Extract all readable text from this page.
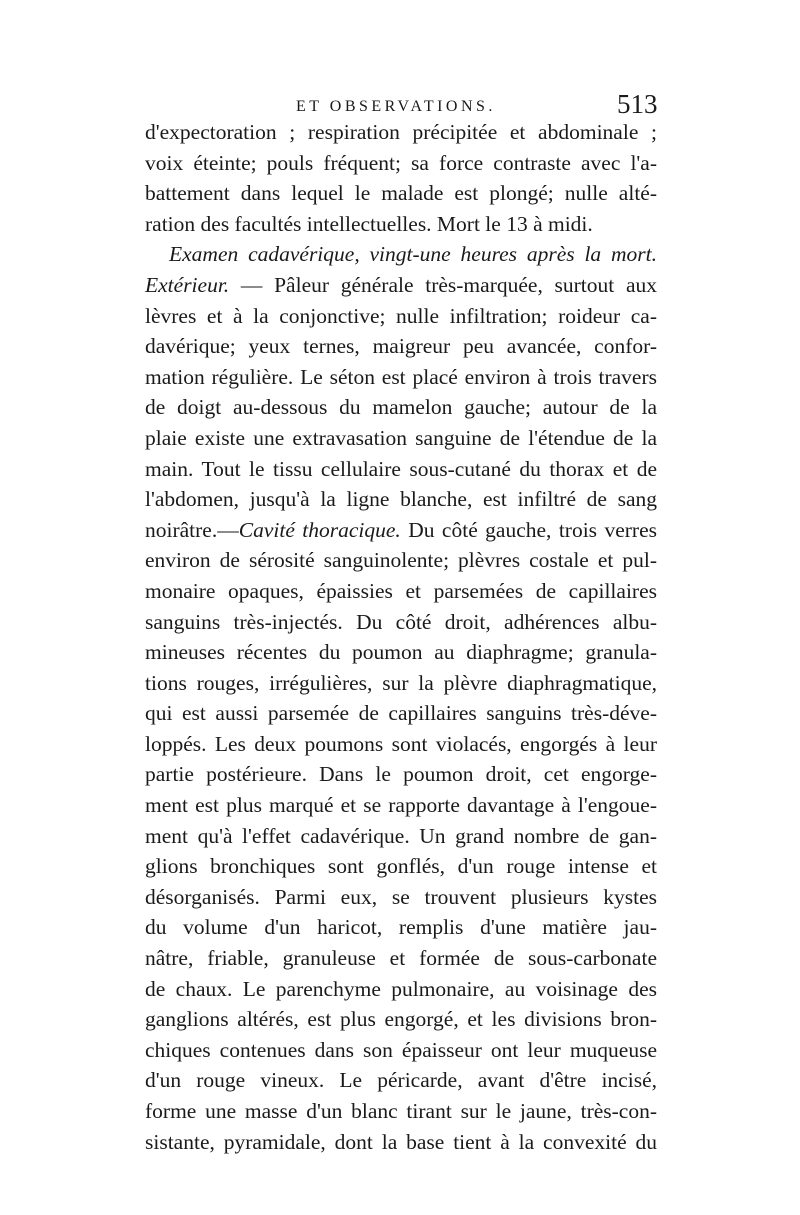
ET OBSERVATIONS.	513
d'expectoration ; respiration précipitée et abdominale ;
voix éteinte; pouls fréquent; sa force contraste avec l'a-
battement dans lequel le malade est plongé; nulle alté-
ration des facultés intellectuelles. Mort le 13 à midi.
Examen cadavérique, vingt-une heures après la mort.
Extérieur. — Pâleur générale très-marquée, surtout aux
lèvres et à la conjonctive; nulle infiltration; roideur ca-
davérique; yeux ternes, maigreur peu avancée, confor-
mation régulière. Le séton est placé environ à trois travers
de doigt au-dessous du mamelon gauche; autour de la
plaie existe une extravasation sanguine de l'étendue de la
main. Tout le tissu cellulaire sous-cutané du thorax et de
l'abdomen, jusqu'à la ligne blanche, est infiltré de sang
noirâtre.—Cavité thoracique. Du côté gauche, trois verres
environ de sérosité sanguinolente; plèvres costale et pul-
monaire opaques, épaissies et parsemées de capillaires
sanguins très-injectés. Du côté droit, adhérences albu-
mineuses récentes du poumon au diaphragme; granula-
tions rouges, irrégulières, sur la plèvre diaphragmatique,
qui est aussi parsemée de capillaires sanguins très-déve-
loppés. Les deux poumons sont violacés, engorgés à leur
partie postérieure. Dans le poumon droit, cet engorge-
ment est plus marqué et se rapporte davantage à l'engoue-
ment qu'à l'effet cadavérique. Un grand nombre de gan-
glions bronchiques sont gonflés, d'un rouge intense et
désorganisés. Parmi eux, se trouvent plusieurs kystes
du volume d'un haricot, remplis d'une matière jau-
nâtre, friable, granuleuse et formée de sous-carbonate
de chaux. Le parenchyme pulmonaire, au voisinage des
ganglions altérés, est plus engorgé, et les divisions bron-
chiques contenues dans son épaisseur ont leur muqueuse
d'un rouge vineux. Le péricarde, avant d'être incisé,
forme une masse d'un blanc tirant sur le jaune, très-con-
sistante, pyramidale, dont la base tient à la convexité du
